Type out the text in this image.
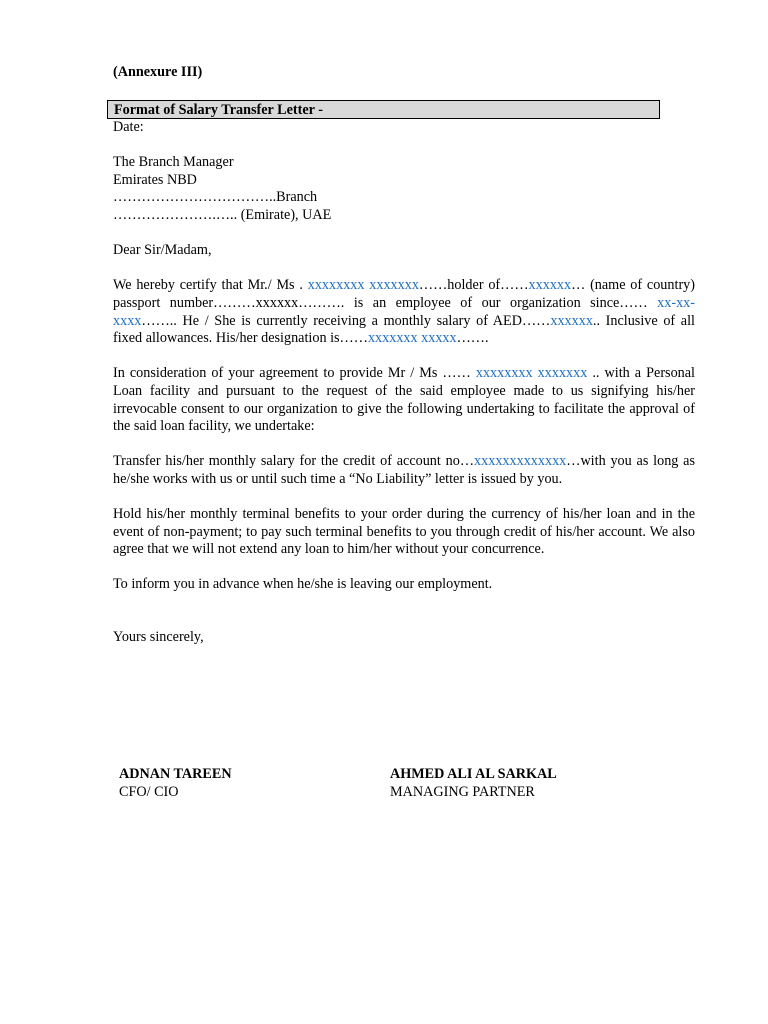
(Annexure III)
Format of Salary Transfer Letter -
Date:
The Branch Manager
Emirates NBD
……………………………..Branch
………………….….. (Emirate), UAE
Dear Sir/Madam,
We hereby certify that Mr./ Ms . xxxxxxxx xxxxxxx……holder of……xxxxxx… (name of country) passport number………xxxxxx………. is an employee of our organization since…… xx-xx-xxxx…….. He / She is currently receiving a monthly salary of AED……xxxxxx.. Inclusive of all fixed allowances. His/her designation is……xxxxxxx xxxxx…….
In consideration of your agreement to provide Mr / Ms …… xxxxxxxx xxxxxxx .. with a Personal Loan facility and pursuant to the request of the said employee made to us signifying his/her irrevocable consent to our organization to give the following undertaking to facilitate the approval of the said loan facility, we undertake:
Transfer his/her monthly salary for the credit of account no…xxxxxxxxxxxxx…with you as long as he/she works with us or until such time a “No Liability” letter is issued by you.
Hold his/her monthly terminal benefits to your order during the currency of his/her loan and in the event of non-payment; to pay such terminal benefits to you through credit of his/her account. We also agree that we will not extend any loan to him/her without your concurrence.
To inform you in advance when he/she is leaving our employment.
Yours sincerely,
ADNAN TAREEN
CFO/ CIO
AHMED ALI AL SARKAL
MANAGING PARTNER
